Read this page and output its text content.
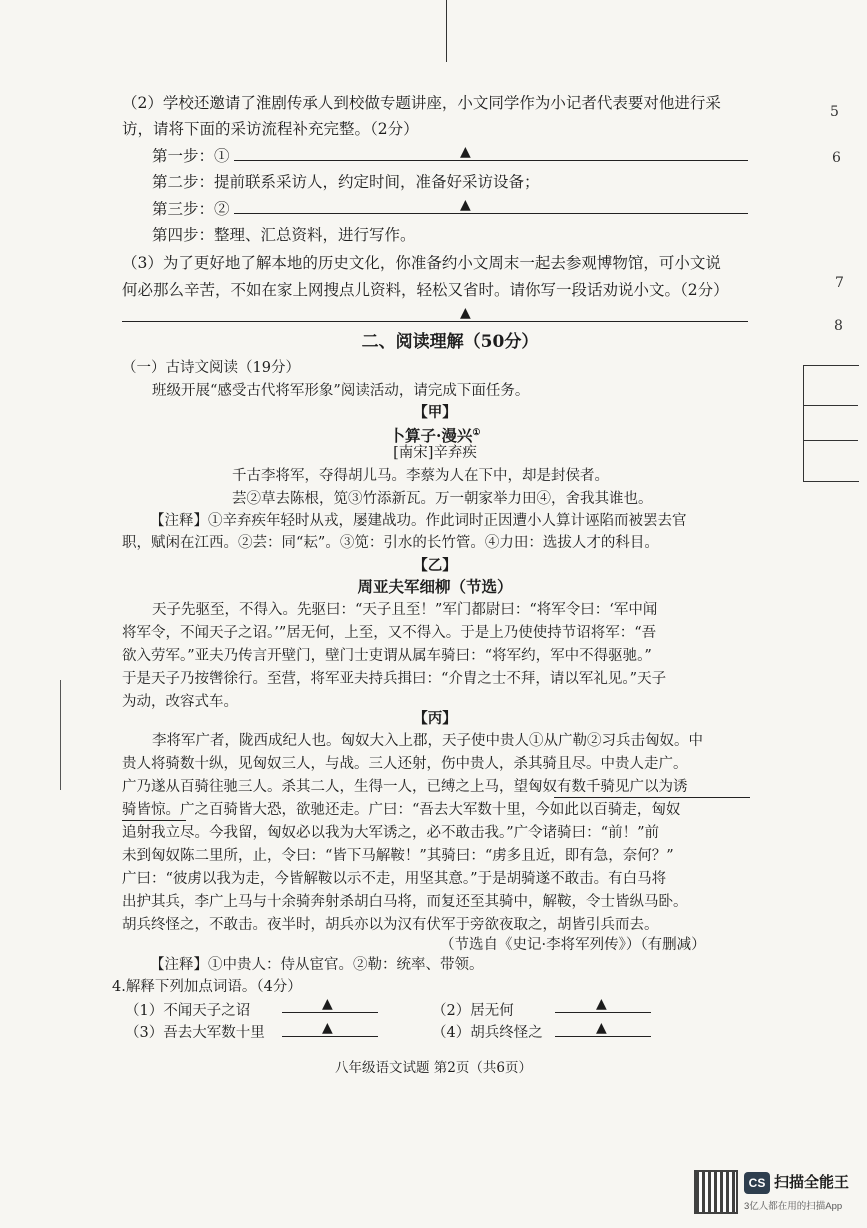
5
6
7
8
（2）学校还邀请了淮剧传承人到校做专题讲座，小文同学作为小记者代表要对他进行采
访，请将下面的采访流程补充完整。（2分）
第一步：①	▲
第二步：提前联系采访人，约定时间，准备好采访设备；
第三步：②	▲
第四步：整理、汇总资料，进行写作。
（3）为了更好地了解本地的历史文化，你准备约小文周末一起去参观博物馆，可小文说
何必那么辛苦，不如在家上网搜点儿资料，轻松又省时。请你写一段话劝说小文。（2分）
▲
二、阅读理解（50分）
（一）古诗文阅读（19分）
班级开展“感受古代将军形象”阅读活动，请完成下面任务。
【甲】
卜算子·漫兴①
[南宋]辛弃疾
千古李将军，夺得胡儿马。李蔡为人在下中，却是封侯者。
芸②草去陈根，笕③竹添新瓦。万一朝家举力田④，舍我其谁也。
【注释】①辛弃疾年轻时从戎，屡建战功。作此词时正因遭小人算计诬陷而被罢去官
职，赋闲在江西。②芸：同“耘”。③笕：引水的长竹管。④力田：选拔人才的科目。
【乙】
周亚夫军细柳（节选）
天子先驱至，不得入。先驱曰：“天子且至！”军门都尉曰：“将军令曰：‘军中闻
将军令，不闻天子之诏。’”居无何，上至，又不得入。于是上乃使使持节诏将军：“吾
欲入劳军。”亚夫乃传言开壁门，壁门士吏谓从属车骑曰：“将军约，军中不得驱驰。”
于是天子乃按辔徐行。至营，将军亚夫持兵揖曰：“介胄之士不拜，请以军礼见。”天子
为动，改容式车。
【丙】
李将军广者，陇西成纪人也。匈奴大入上郡，天子使中贵人①从广勒②习兵击匈奴。中
贵人将骑数十纵，见匈奴三人，与战。三人还射，伤中贵人，杀其骑且尽。中贵人走广。
广乃遂从百骑往驰三人。杀其二人，生得一人，已缚之上马，望匈奴有数千骑见广以为诱
骑皆惊。广之百骑皆大恐，欲驰还走。广曰：“吾去大军数十里，今如此以百骑走，匈奴
追射我立尽。今我留，匈奴必以我为大军诱之，必不敢击我。”广令诸骑曰：“前！”前
未到匈奴陈二里所，止，令曰：“皆下马解鞍！”其骑曰：“虏多且近，即有急，奈何？”
广曰：“彼虏以我为走，今皆解鞍以示不走，用坚其意。”于是胡骑遂不敢击。有白马将
出护其兵，李广上马与十余骑奔射杀胡白马将，而复还至其骑中，解鞍，令士皆纵马卧。
胡兵终怪之，不敢击。夜半时，胡兵亦以为汉有伏军于旁欲夜取之，胡皆引兵而去。
（节选自《史记·李将军列传》）（有删减）
【注释】①中贵人：侍从宦官。②勒：统率、带领。
4.解释下列加点词语。（4分）
（1）不闻天子之诏	▲	（2）居无何	▲
（3）吾去大军数十里	▲	（4）胡兵终怪之	▲
八年级语文试题 第2页（共6页）
CS 扫描全能王
3亿人都在用的扫描App
